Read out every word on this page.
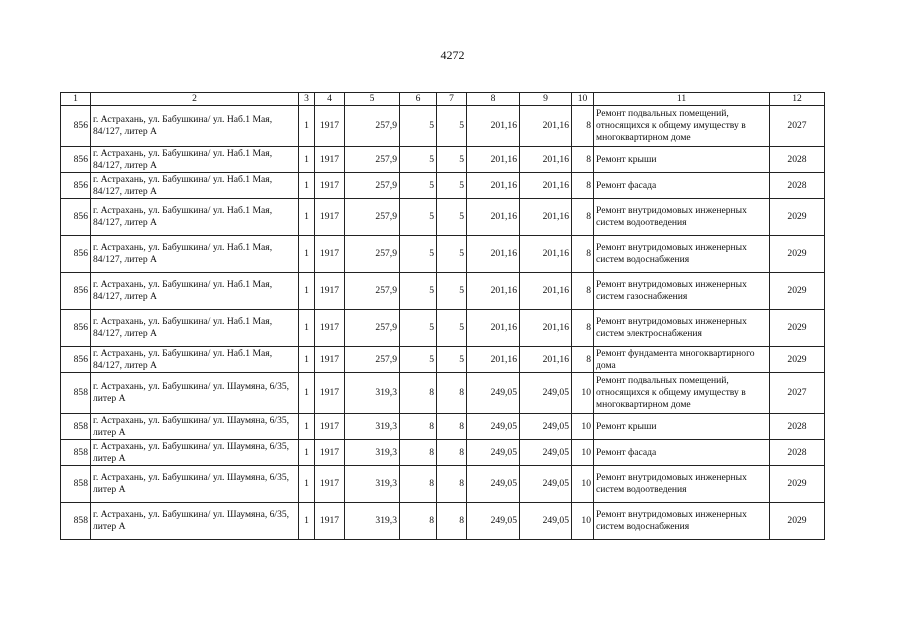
4272
1	2	3	4	5	6	7	8	9	10	11	12
856	г. Астрахань, ул. Бабушкина/ ул. Наб.1 Мая, 84/127, литер А	1	1917	257,9	5	5	201,16	201,16	8	Ремонт подвальных помещений, относящихся к общему имуществу в многоквартирном доме	2027
856	г. Астрахань, ул. Бабушкина/ ул. Наб.1 Мая, 84/127, литер А	1	1917	257,9	5	5	201,16	201,16	8	Ремонт крыши	2028
856	г. Астрахань, ул. Бабушкина/ ул. Наб.1 Мая, 84/127, литер А	1	1917	257,9	5	5	201,16	201,16	8	Ремонт фасада	2028
856	г. Астрахань, ул. Бабушкина/ ул. Наб.1 Мая, 84/127, литер А	1	1917	257,9	5	5	201,16	201,16	8	Ремонт внутридомовых инженерных систем водоотведения	2029
856	г. Астрахань, ул. Бабушкина/ ул. Наб.1 Мая, 84/127, литер А	1	1917	257,9	5	5	201,16	201,16	8	Ремонт внутридомовых инженерных систем водоснабжения	2029
856	г. Астрахань, ул. Бабушкина/ ул. Наб.1 Мая, 84/127, литер А	1	1917	257,9	5	5	201,16	201,16	8	Ремонт внутридомовых инженерных систем газоснабжения	2029
856	г. Астрахань, ул. Бабушкина/ ул. Наб.1 Мая, 84/127, литер А	1	1917	257,9	5	5	201,16	201,16	8	Ремонт внутридомовых инженерных систем электроснабжения	2029
856	г. Астрахань, ул. Бабушкина/ ул. Наб.1 Мая, 84/127, литер А	1	1917	257,9	5	5	201,16	201,16	8	Ремонт фундамента многоквартирного дома	2029
858	г. Астрахань, ул. Бабушкина/ ул. Шаумяна, 6/35, литер А	1	1917	319,3	8	8	249,05	249,05	10	Ремонт подвальных помещений, относящихся к общему имуществу в многоквартирном доме	2027
858	г. Астрахань, ул. Бабушкина/ ул. Шаумяна, 6/35, литер А	1	1917	319,3	8	8	249,05	249,05	10	Ремонт крыши	2028
858	г. Астрахань, ул. Бабушкина/ ул. Шаумяна, 6/35, литер А	1	1917	319,3	8	8	249,05	249,05	10	Ремонт фасада	2028
858	г. Астрахань, ул. Бабушкина/ ул. Шаумяна, 6/35, литер А	1	1917	319,3	8	8	249,05	249,05	10	Ремонт внутридомовых инженерных систем водоотведения	2029
858	г. Астрахань, ул. Бабушкина/ ул. Шаумяна, 6/35, литер А	1	1917	319,3	8	8	249,05	249,05	10	Ремонт внутридомовых инженерных систем водоснабжения	2029
